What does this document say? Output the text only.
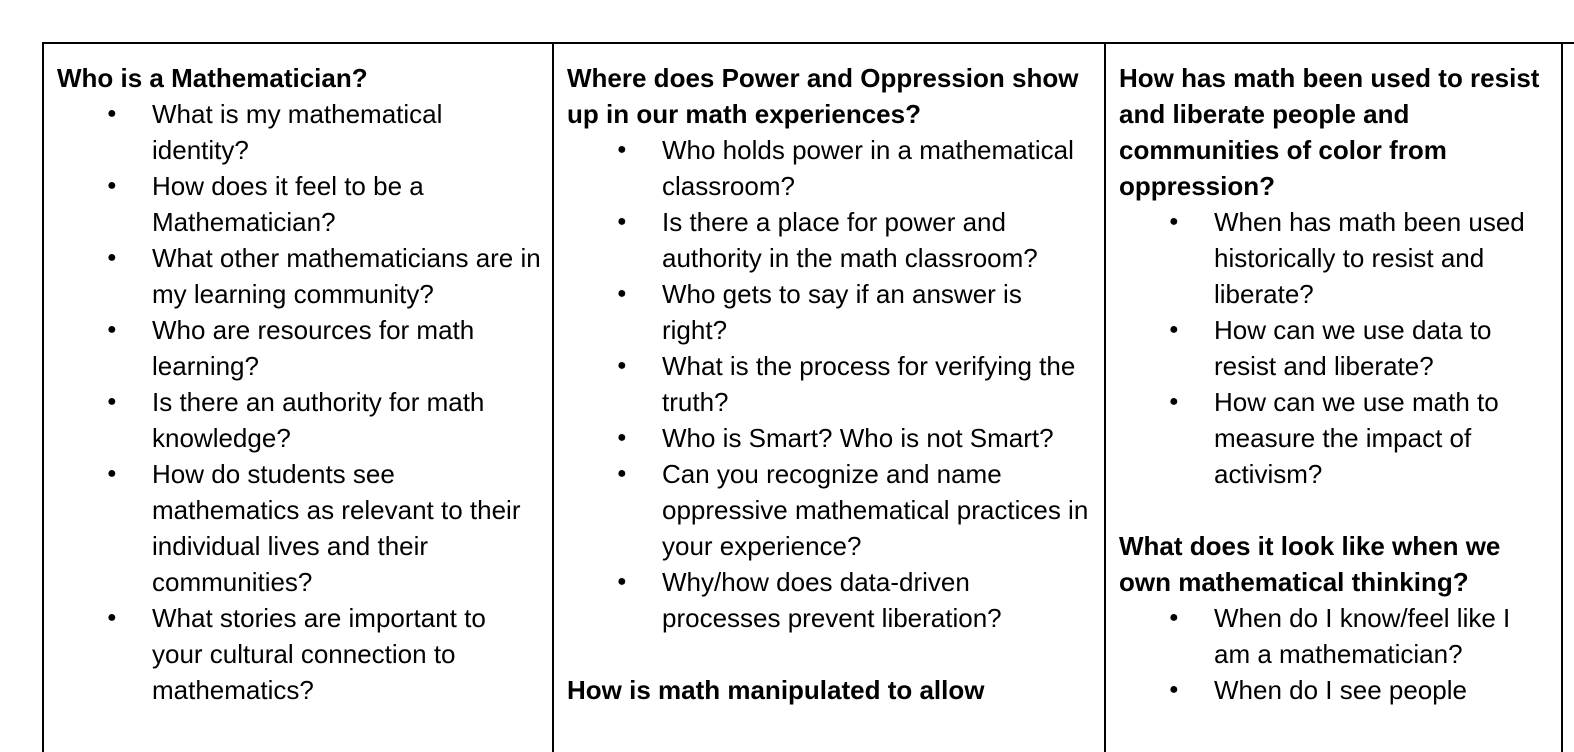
Who is a Mathematician?

● What is my mathematical identity?
● How does it feel to be a Mathematician?
● What other mathematicians are in my learning community?
● Who are resources for math learning?
● Is there an authority for math knowledge?
● How do students see mathematics as relevant to their individual lives and their communities?
● What stories are important to your cultural connection to mathematics?

Where does Power and Oppression show up in our math experiences?

● Who holds power in a mathematical classroom?
● Is there a place for power and authority in the math classroom?
● Who gets to say if an answer is right?
● What is the process for verifying the truth?
● Who is Smart? Who is not Smart?
● Can you recognize and name oppressive mathematical practices in your experience?
● Why/how does data-driven processes prevent liberation?

How is math manipulated to allow

How has math been used to resist and liberate people and communities of color from oppression?

● When has math been used historically to resist and liberate?
● How can we use data to resist and liberate?
● How can we use math to measure the impact of activism?

What does it look like when we own mathematical thinking?

● When do I know/feel like I am a mathematician?
● When do I see people
